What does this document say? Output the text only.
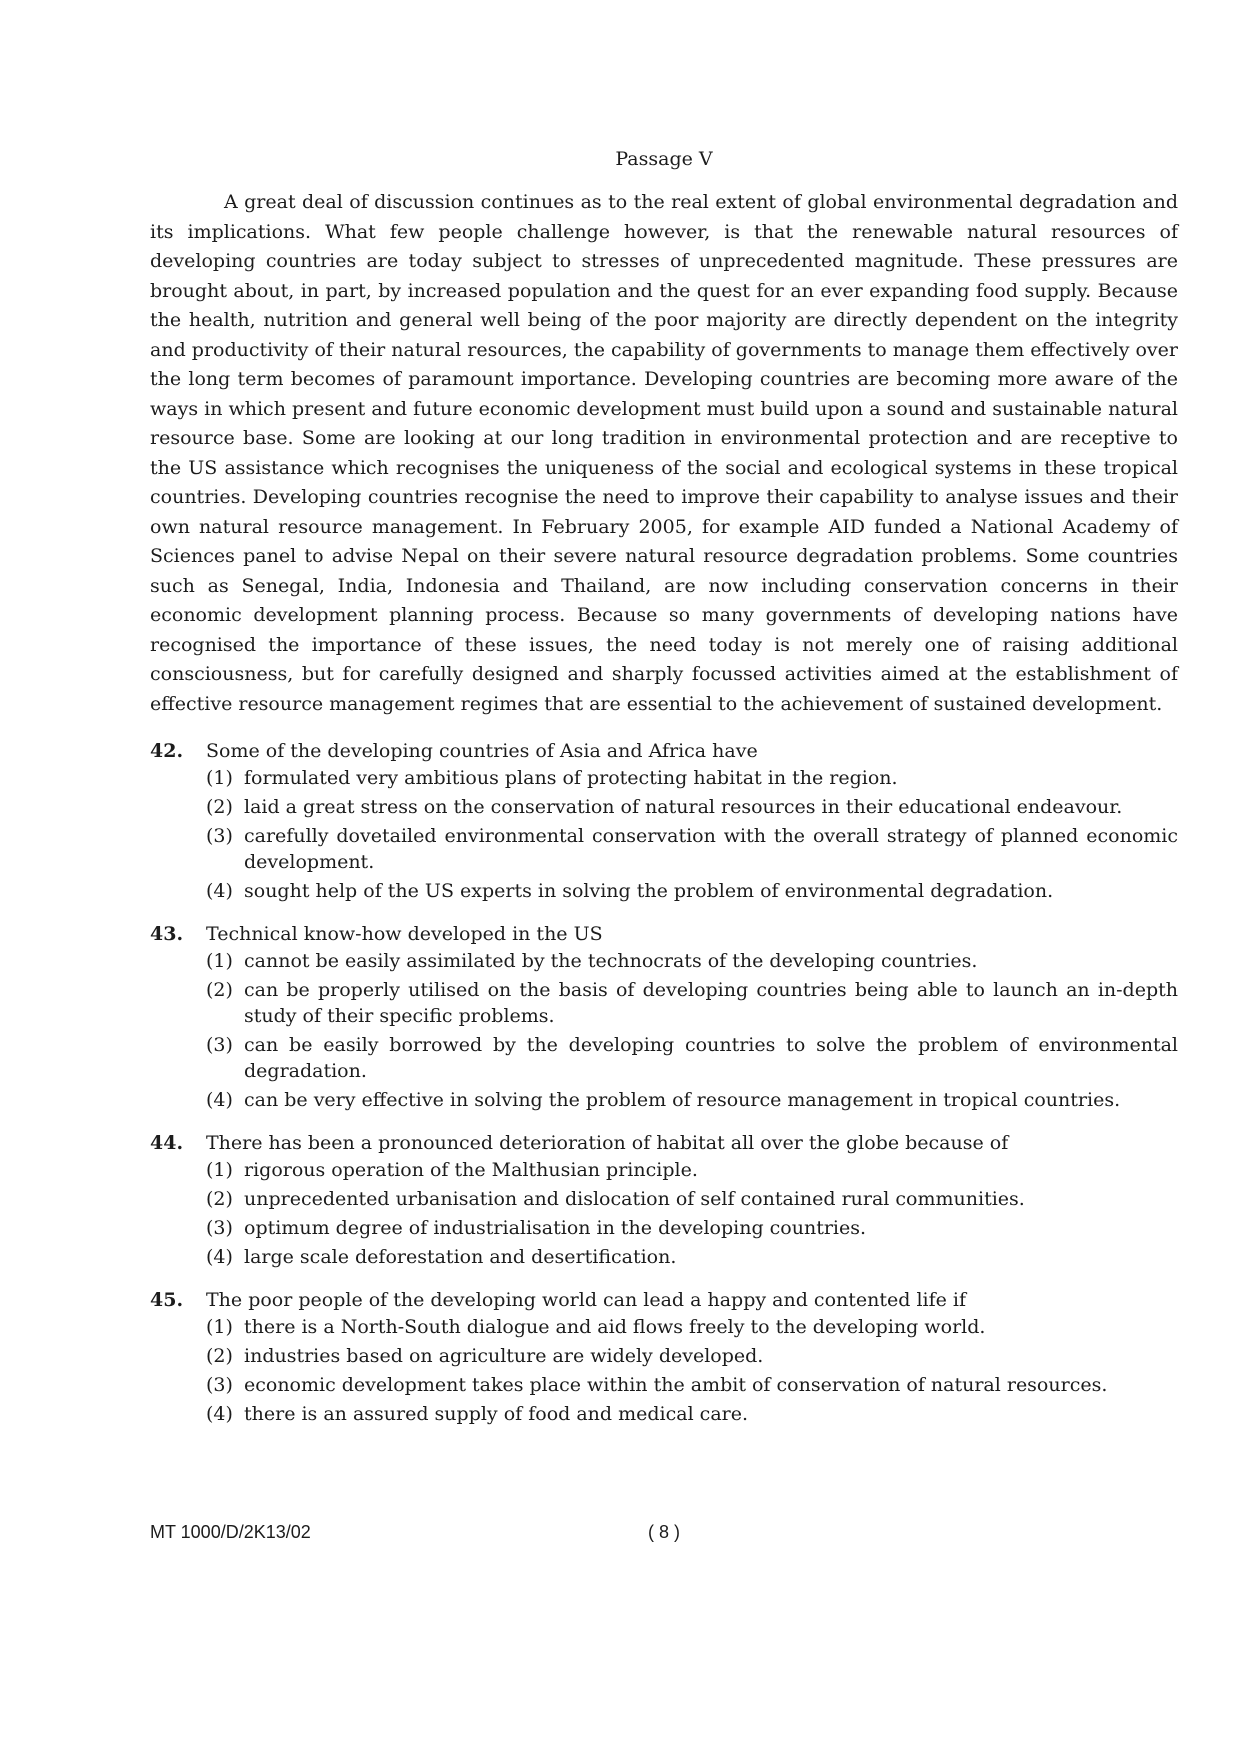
Passage V

A great deal of discussion continues as to the real extent of global environmental degradation and its implications. What few people challenge however, is that the renewable natural resources of developing countries are today subject to stresses of unprecedented magnitude. These pressures are brought about, in part, by increased population and the quest for an ever expanding food supply. Because the health, nutrition and general well being of the poor majority are directly dependent on the integrity and productivity of their natural resources, the capability of governments to manage them effectively over the long term becomes of paramount importance. Developing countries are becoming more aware of the ways in which present and future economic development must build upon a sound and sustainable natural resource base. Some are looking at our long tradition in environmental protection and are receptive to the US assistance which recognises the uniqueness of the social and ecological systems in these tropical countries. Developing countries recognise the need to improve their capability to analyse issues and their own natural resource management. In February 2005, for example AID funded a National Academy of Sciences panel to advise Nepal on their severe natural resource degradation problems. Some countries such as Senegal, India, Indonesia and Thailand, are now including conservation concerns in their economic development planning process. Because so many governments of developing nations have recognised the importance of these issues, the need today is not merely one of raising additional consciousness, but for carefully designed and sharply focussed activities aimed at the establishment of effective resource management regimes that are essential to the achievement of sustained development.

42.	Some of the developing countries of Asia and Africa have
(1) formulated very ambitious plans of protecting habitat in the region.
(2) laid a great stress on the conservation of natural resources in their educational endeavour.
(3) carefully dovetailed environmental conservation with the overall strategy of planned economic development.
(4) sought help of the US experts in solving the problem of environmental degradation.
43.	Technical know-how developed in the US
(1) cannot be easily assimilated by the technocrats of the developing countries.
(2) can be properly utilised on the basis of developing countries being able to launch an in-depth study of their specific problems.
(3) can be easily borrowed by the developing countries to solve the problem of environmental degradation.
(4) can be very effective in solving the problem of resource management in tropical countries.
44.	There has been a pronounced deterioration of habitat all over the globe because of
(1) rigorous operation of the Malthusian principle.
(2) unprecedented urbanisation and dislocation of self contained rural communities.
(3) optimum degree of industrialisation in the developing countries.
(4) large scale deforestation and desertification.
45.	The poor people of the developing world can lead a happy and contented life if
(1) there is a North-South dialogue and aid flows freely to the developing world.
(2) industries based on agriculture are widely developed.
(3) economic development takes place within the ambit of conservation of natural resources.
(4) there is an assured supply of food and medical care.
MT 1000/D/2K13/02	( 8 )
